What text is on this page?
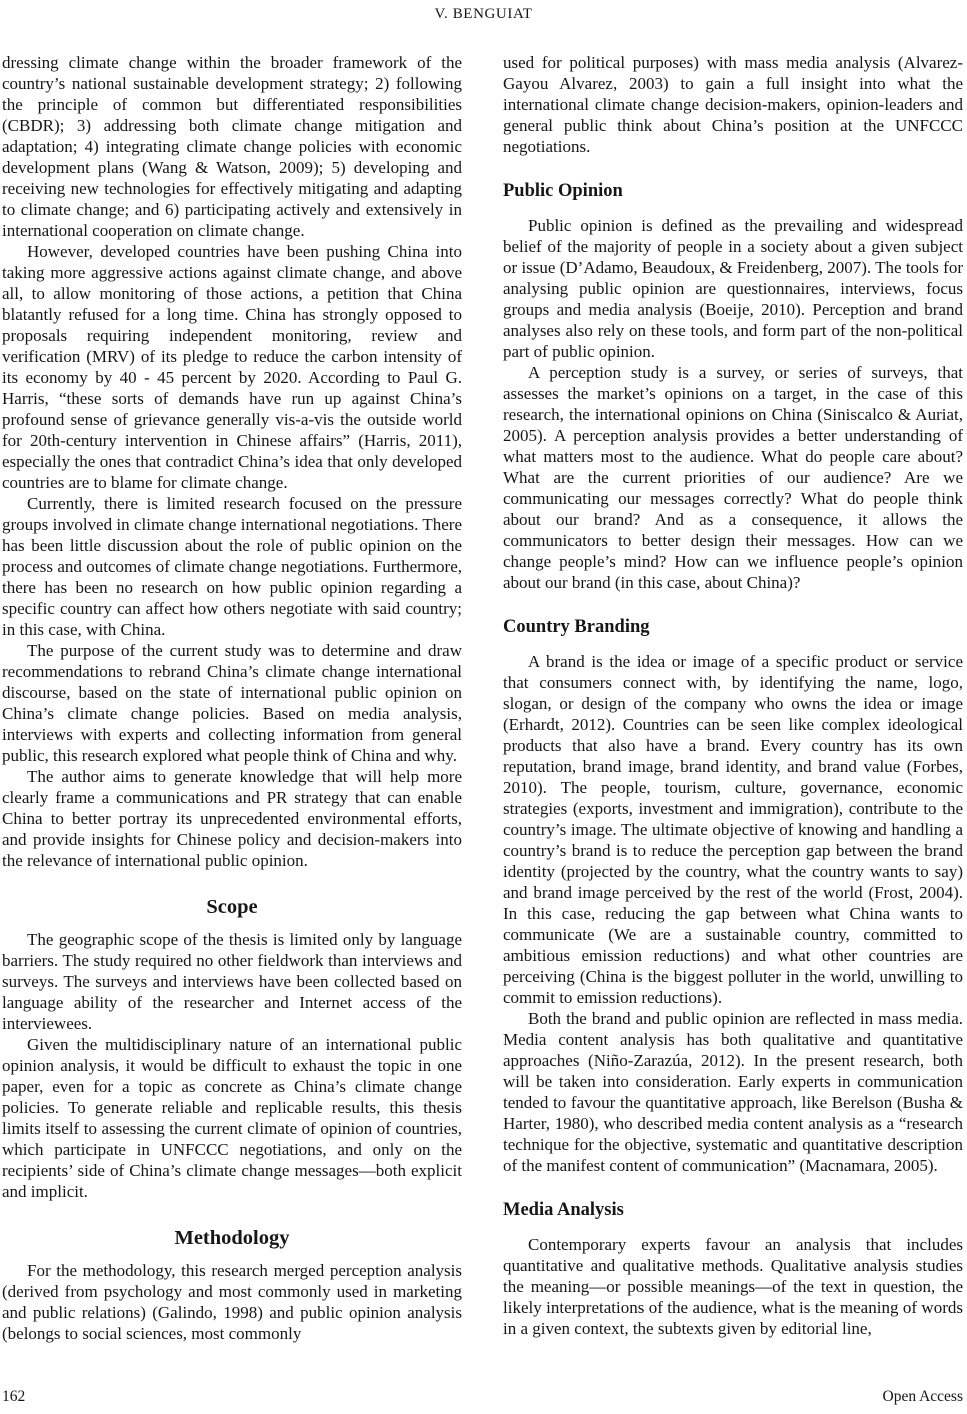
V. BENGUIAT

dressing climate change within the broader framework of the country’s national sustainable development strategy; 2) following the principle of common but differentiated responsibilities (CBDR); 3) addressing both climate change mitigation and adaptation; 4) integrating climate change policies with economic development plans (Wang & Watson, 2009); 5) developing and receiving new technologies for effectively mitigating and adapting to climate change; and 6) participating actively and extensively in international cooperation on climate change.

However, developed countries have been pushing China into taking more aggressive actions against climate change, and above all, to allow monitoring of those actions, a petition that China blatantly refused for a long time. China has strongly opposed to proposals requiring independent monitoring, review and verification (MRV) of its pledge to reduce the carbon intensity of its economy by 40 - 45 percent by 2020. According to Paul G. Harris, “these sorts of demands have run up against China’s profound sense of grievance generally vis-a-vis the outside world for 20th-century intervention in Chinese affairs” (Harris, 2011), especially the ones that contradict China’s idea that only developed countries are to blame for climate change.

Currently, there is limited research focused on the pressure groups involved in climate change international negotiations. There has been little discussion about the role of public opinion on the process and outcomes of climate change negotiations. Furthermore, there has been no research on how public opinion regarding a specific country can affect how others negotiate with said country; in this case, with China.

The purpose of the current study was to determine and draw recommendations to rebrand China’s climate change international discourse, based on the state of international public opinion on China’s climate change policies. Based on media analysis, interviews with experts and collecting information from general public, this research explored what people think of China and why.

The author aims to generate knowledge that will help more clearly frame a communications and PR strategy that can enable China to better portray its unprecedented environmental efforts, and provide insights for Chinese policy and decision-makers into the relevance of international public opinion.

Scope

The geographic scope of the thesis is limited only by language barriers. The study required no other fieldwork than interviews and surveys. The surveys and interviews have been collected based on language ability of the researcher and Internet access of the interviewees.

Given the multidisciplinary nature of an international public opinion analysis, it would be difficult to exhaust the topic in one paper, even for a topic as concrete as China’s climate change policies. To generate reliable and replicable results, this thesis limits itself to assessing the current climate of opinion of countries, which participate in UNFCCC negotiations, and only on the recipients’ side of China’s climate change messages—both explicit and implicit.

Methodology

For the methodology, this research merged perception analysis (derived from psychology and most commonly used in marketing and public relations) (Galindo, 1998) and public opinion analysis (belongs to social sciences, most commonly

used for political purposes) with mass media analysis (Alvarez-Gayou Alvarez, 2003) to gain a full insight into what the international climate change decision-makers, opinion-leaders and general public think about China’s position at the UNFCCC negotiations.

Public Opinion

Public opinion is defined as the prevailing and widespread belief of the majority of people in a society about a given subject or issue (D’Adamo, Beaudoux, & Freidenberg, 2007). The tools for analysing public opinion are questionnaires, interviews, focus groups and media analysis (Boeije, 2010). Perception and brand analyses also rely on these tools, and form part of the non-political part of public opinion.

A perception study is a survey, or series of surveys, that assesses the market’s opinions on a target, in the case of this research, the international opinions on China (Siniscalco & Auriat, 2005). A perception analysis provides a better understanding of what matters most to the audience. What do people care about? What are the current priorities of our audience? Are we communicating our messages correctly? What do people think about our brand? And as a consequence, it allows the communicators to better design their messages. How can we change people’s mind? How can we influence people’s opinion about our brand (in this case, about China)?

Country Branding

A brand is the idea or image of a specific product or service that consumers connect with, by identifying the name, logo, slogan, or design of the company who owns the idea or image (Erhardt, 2012). Countries can be seen like complex ideological products that also have a brand. Every country has its own reputation, brand image, brand identity, and brand value (Forbes, 2010). The people, tourism, culture, governance, economic strategies (exports, investment and immigration), contribute to the country’s image. The ultimate objective of knowing and handling a country’s brand is to reduce the perception gap between the brand identity (projected by the country, what the country wants to say) and brand image perceived by the rest of the world (Frost, 2004). In this case, reducing the gap between what China wants to communicate (We are a sustainable country, committed to ambitious emission reductions) and what other countries are perceiving (China is the biggest polluter in the world, unwilling to commit to emission reductions).

Both the brand and public opinion are reflected in mass media. Media content analysis has both qualitative and quantitative approaches (Niño-Zarazúa, 2012). In the present research, both will be taken into consideration. Early experts in communication tended to favour the quantitative approach, like Berelson (Busha & Harter, 1980), who described media content analysis as a “research technique for the objective, systematic and quantitative description of the manifest content of communication” (Macnamara, 2005).

Media Analysis

Contemporary experts favour an analysis that includes quantitative and qualitative methods. Qualitative analysis studies the meaning—or possible meanings—of the text in question, the likely interpretations of the audience, what is the meaning of words in a given context, the subtexts given by editorial line,

162	Open Access
